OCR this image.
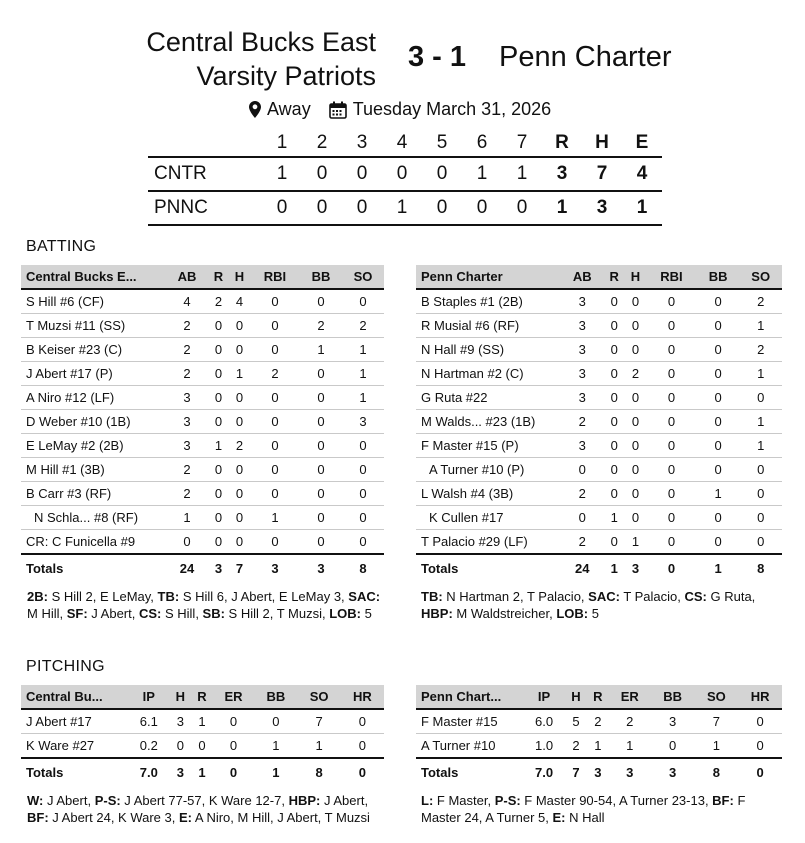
Central Bucks East
Varsity Patriots
3 - 1 Penn Charter
Away Tuesday March 31, 2026
	1	2	3	4	5	6	7	R	H	E
CNTR	1	0	0	0	0	1	1	3	7	4
PNNC	0	0	0	1	0	0	0	1	3	1
BATTING
Central Bucks E...	AB	R	H	RBI	BB	SO
S Hill #6 (CF)	4	2	4	0	0	0
T Muzsi #11 (SS)	2	0	0	0	2	2
B Keiser #23 (C)	2	0	0	0	1	1
J Abert #17 (P)	2	0	1	2	0	1
A Niro #12 (LF)	3	0	0	0	0	1
D Weber #10 (1B)	3	0	0	0	0	3
E LeMay #2 (2B)	3	1	2	0	0	0
M Hill #1 (3B)	2	0	0	0	0	0
B Carr #3 (RF)	2	0	0	0	0	0
N Schla... #8 (RF)	1	0	0	1	0	0
CR: C Funicella #9	0	0	0	0	0	0
Totals	24	3	7	3	3	8
Penn Charter	AB	R	H	RBI	BB	SO
B Staples #1 (2B)	3	0	0	0	0	2
R Musial #6 (RF)	3	0	0	0	0	1
N Hall #9 (SS)	3	0	0	0	0	2
N Hartman #2 (C)	3	0	2	0	0	1
G Ruta #22	3	0	0	0	0	0
M Walds... #23 (1B)	2	0	0	0	0	1
F Master #15 (P)	3	0	0	0	0	1
A Turner #10 (P)	0	0	0	0	0	0
L Walsh #4 (3B)	2	0	0	0	1	0
K Cullen #17	0	1	0	0	0	0
T Palacio #29 (LF)	2	0	1	0	0	0
Totals	24	1	3	0	1	8
2B: S Hill 2, E LeMay, TB: S Hill 6, J Abert, E LeMay 3, SAC: M Hill, SF: J Abert, CS: S Hill, SB: S Hill 2, T Muzsi, LOB: 5
TB: N Hartman 2, T Palacio, SAC: T Palacio, CS: G Ruta, HBP: M Waldstreicher, LOB: 5
PITCHING
Central Bu...	IP	H	R	ER	BB	SO	HR
J Abert #17	6.1	3	1	0	0	7	0
K Ware #27	0.2	0	0	0	1	1	0
Totals	7.0	3	1	0	1	8	0
Penn Chart...	IP	H	R	ER	BB	SO	HR
F Master #15	6.0	5	2	2	3	7	0
A Turner #10	1.0	2	1	1	0	1	0
Totals	7.0	7	3	3	3	8	0
W: J Abert, P-S: J Abert 77-57, K Ware 12-7, HBP: J Abert, BF: J Abert 24, K Ware 3, E: A Niro, M Hill, J Abert, T Muzsi
L: F Master, P-S: F Master 90-54, A Turner 23-13, BF: F Master 24, A Turner 5, E: N Hall
